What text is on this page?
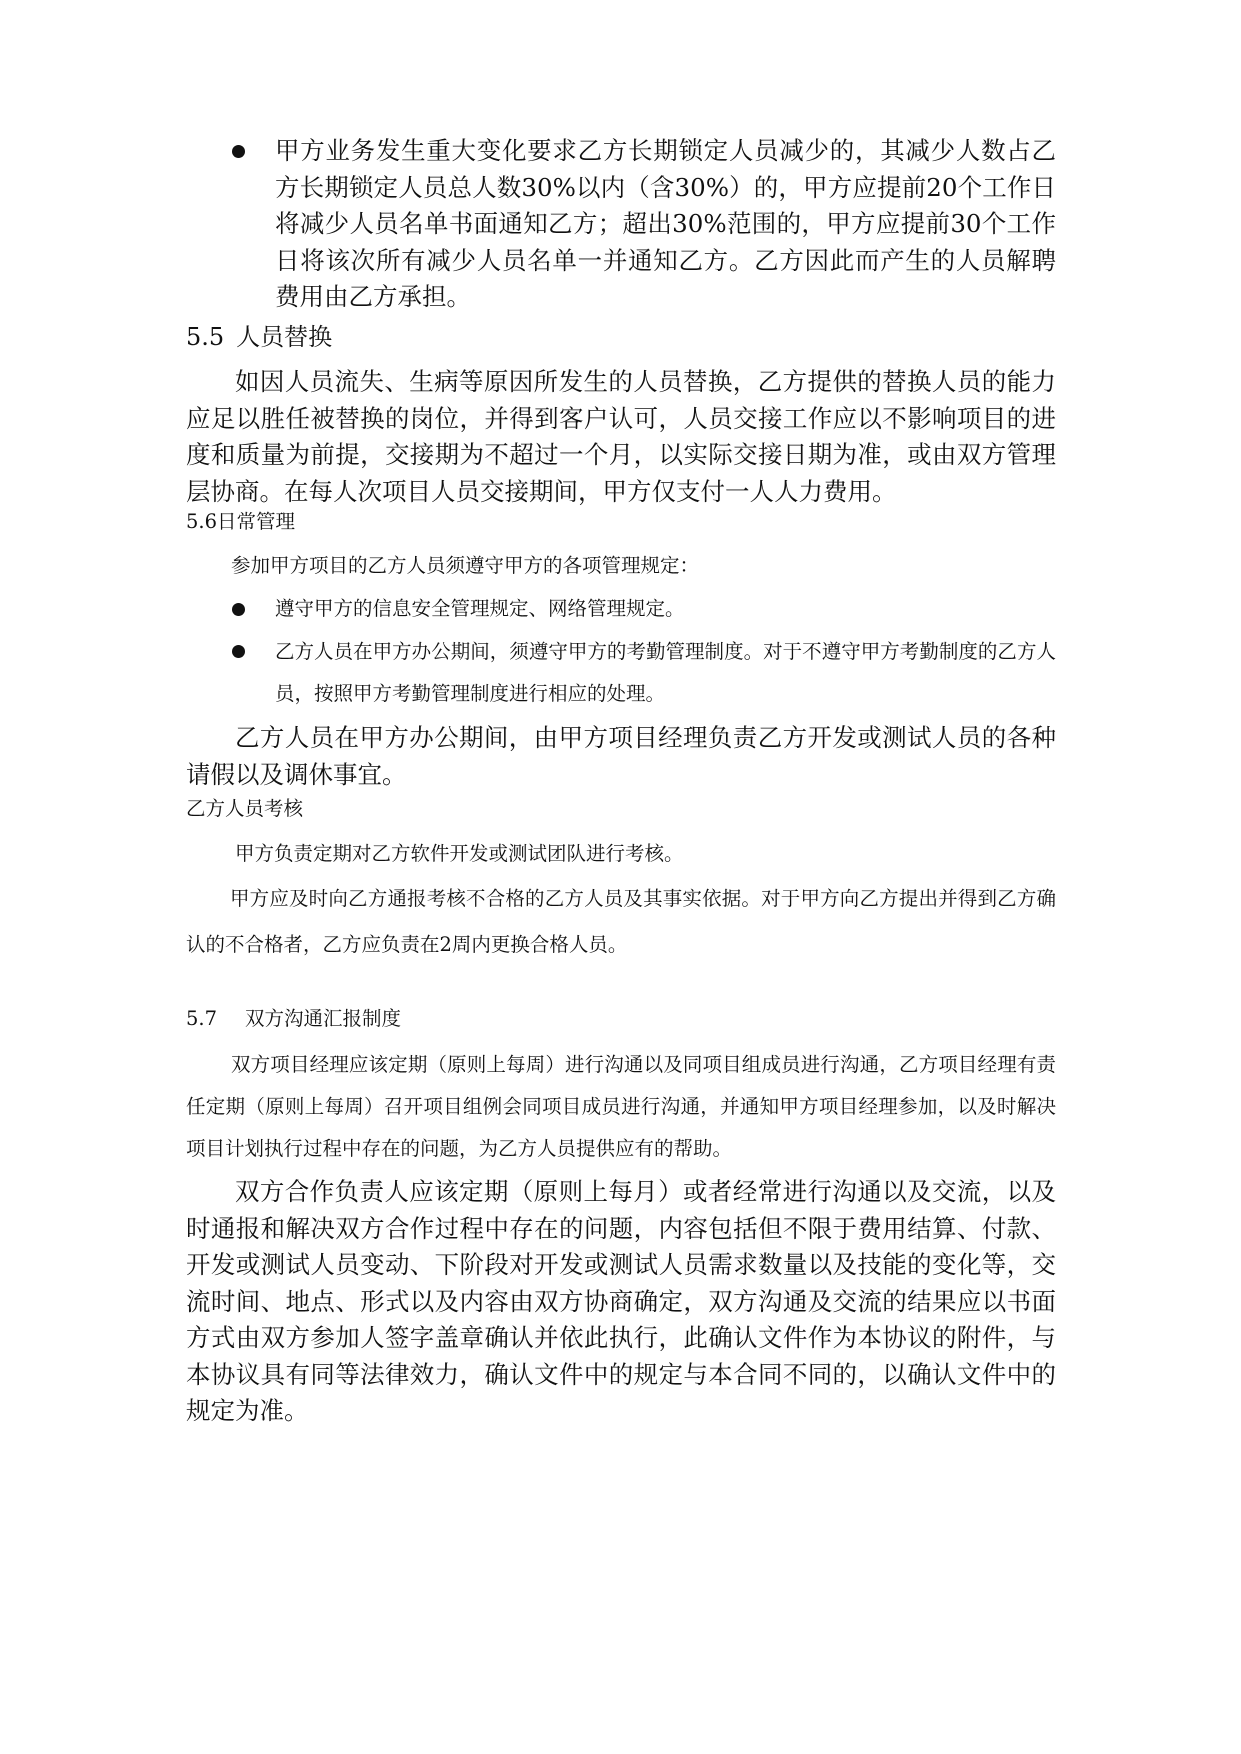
甲方业务发生重大变化要求乙方长期锁定人员减少的，其减少人数占乙方长期锁定人员总人数30%以内（含30%）的，甲方应提前20个工作日将减少人员名单书面通知乙方；超出30%范围的，甲方应提前30个工作日将该次所有减少人员名单一并通知乙方。乙方因此而产生的人员解聘费用由乙方承担。

5.5 人员替换

如因人员流失、生病等原因所发生的人员替换，乙方提供的替换人员的能力应足以胜任被替换的岗位，并得到客户认可，人员交接工作应以不影响项目的进度和质量为前提，交接期为不超过一个月，以实际交接日期为准，或由双方管理层协商。在每人次项目人员交接期间，甲方仅支付一人人力费用。

5.6日常管理

参加甲方项目的乙方人员须遵守甲方的各项管理规定：

遵守甲方的信息安全管理规定、网络管理规定。

乙方人员在甲方办公期间，须遵守甲方的考勤管理制度。对于不遵守甲方考勤制度的乙方人员，按照甲方考勤管理制度进行相应的处理。

乙方人员在甲方办公期间，由甲方项目经理负责乙方开发或测试人员的各种请假以及调休事宜。

乙方人员考核

甲方负责定期对乙方软件开发或测试团队进行考核。

甲方应及时向乙方通报考核不合格的乙方人员及其事实依据。对于甲方向乙方提出并得到乙方确认的不合格者，乙方应负责在2周内更换合格人员。

5.7 双方沟通汇报制度

双方项目经理应该定期（原则上每周）进行沟通以及同项目组成员进行沟通，乙方项目经理有责任定期（原则上每周）召开项目组例会同项目成员进行沟通，并通知甲方项目经理参加，以及时解决项目计划执行过程中存在的问题，为乙方人员提供应有的帮助。

双方合作负责人应该定期（原则上每月）或者经常进行沟通以及交流，以及时通报和解决双方合作过程中存在的问题，内容包括但不限于费用结算、付款、开发或测试人员变动、下阶段对开发或测试人员需求数量以及技能的变化等，交流时间、地点、形式以及内容由双方协商确定，双方沟通及交流的结果应以书面方式由双方参加人签字盖章确认并依此执行，此确认文件作为本协议的附件，与本协议具有同等法律效力，确认文件中的规定与本合同不同的，以确认文件中的规定为准。
